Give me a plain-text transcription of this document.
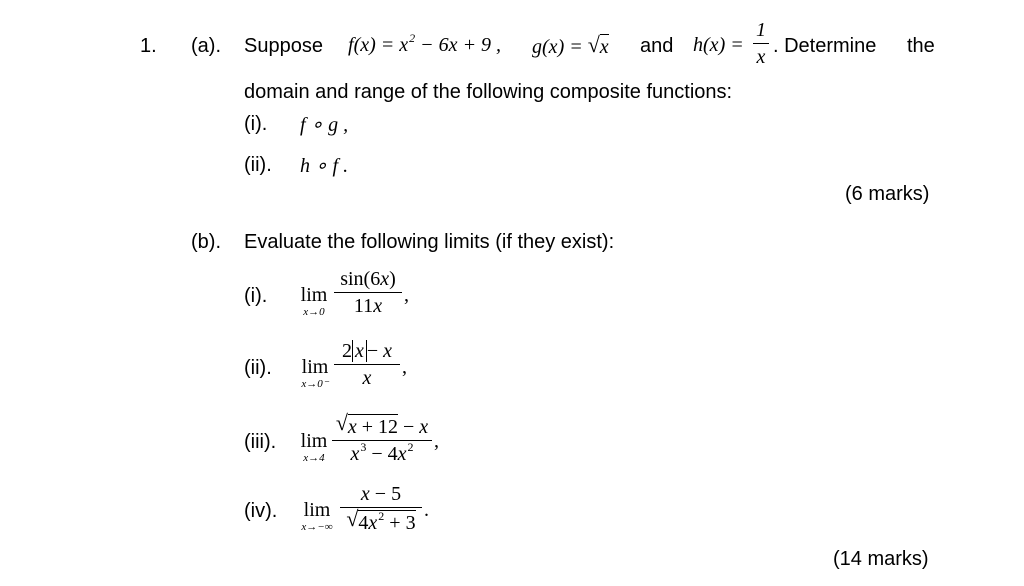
1. (a). Suppose $f(x) = x^2 - 6x + 9$ , g(x) = √ x and h(x) =
1
x . Determine the
domain and range of the following composite functions:
(i). f ∘ g ,
(ii). h ∘ f .
(6 marks)
(b). Evaluate the following limits (if they exist):
(i). lim
x→0
sin(6x)
11x	,
(ii). lim
x→0⁻
2 x − x
x	,
(iii). lim
x→4
√ x + 12 − x
$x^3 - 4x^2$	,
(iv). lim
x→−∞
x − 5
√ $4x^2 + 3$
.
(14 marks)
